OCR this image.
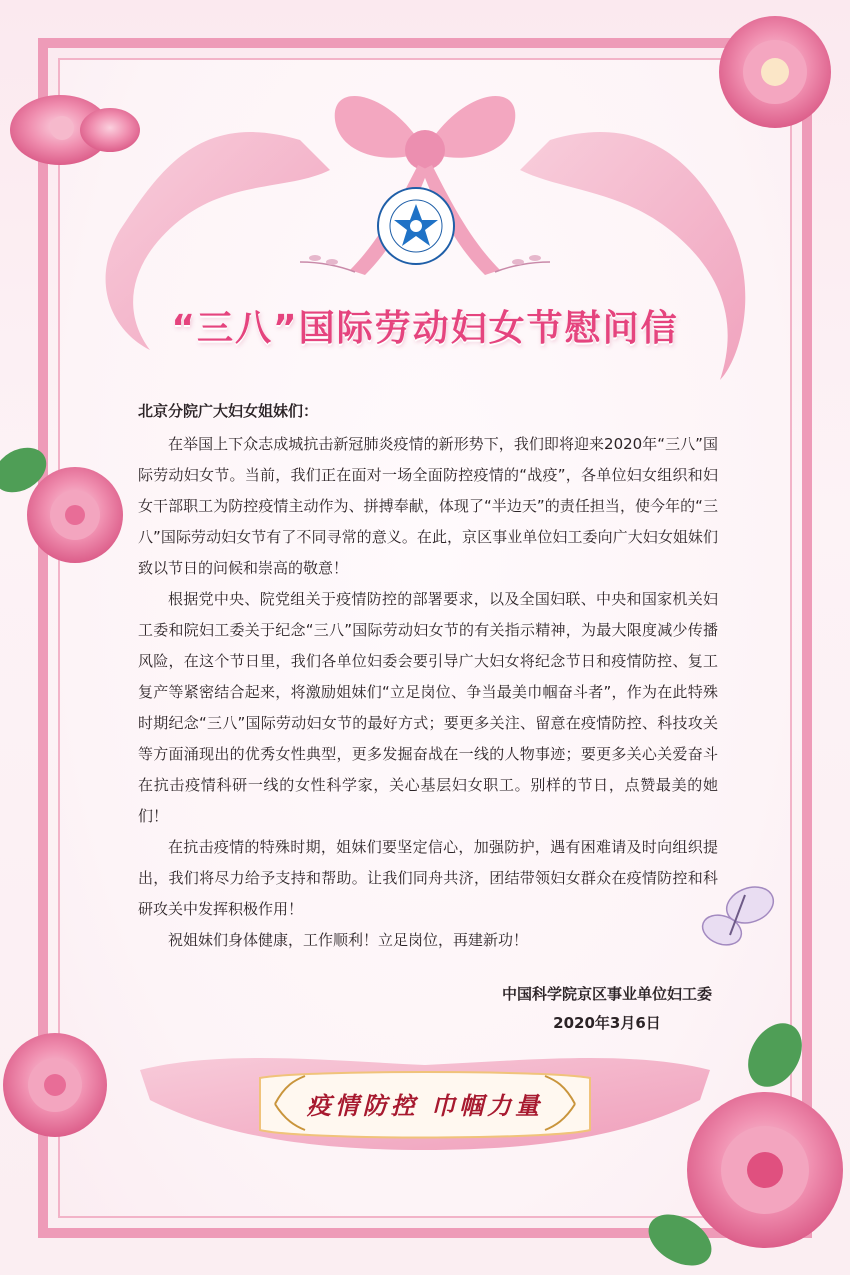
“三八”国际劳动妇女节慰问信
北京分院广大妇女姐妹们：

在举国上下众志成城抗击新冠肺炎疫情的新形势下，我们即将迎来2020年“三八”国际劳动妇女节。当前，我们正在面对一场全面防控疫情的“战疫”，各单位妇女组织和妇女干部职工为防控疫情主动作为、拼搏奉献，体现了“半边天”的责任担当，使今年的“三八”国际劳动妇女节有了不同寻常的意义。在此，京区事业单位妇工委向广大妇女姐妹们致以节日的问候和崇高的敬意！

根据党中央、院党组关于疫情防控的部署要求，以及全国妇联、中央和国家机关妇工委和院妇工委关于纪念“三八”国际劳动妇女节的有关指示精神，为最大限度减少传播风险，在这个节日里，我们各单位妇委会要引导广大妇女将纪念节日和疫情防控、复工复产等紧密结合起来，将激励姐妹们“立足岗位、争当最美巾帼奋斗者”，作为在此特殊时期纪念“三八”国际劳动妇女节的最好方式；要更多关注、留意在疫情防控、科技攻关等方面涌现出的优秀女性典型，更多发掘奋战在一线的人物事迹；要更多关心关爱奋斗在抗击疫情科研一线的女性科学家，关心基层妇女职工。别样的节日，点赞最美的她们！

在抗击疫情的特殊时期，姐妹们要坚定信心，加强防护，遇有困难请及时向组织提出，我们将尽力给予支持和帮助。让我们同舟共济，团结带领妇女群众在疫情防控和科研攻关中发挥积极作用！

祝姐妹们身体健康，工作顺利！立足岗位，再建新功！

中国科学院京区事业单位妇工委
2020年3月6日
疫情防控 巾帼力量
